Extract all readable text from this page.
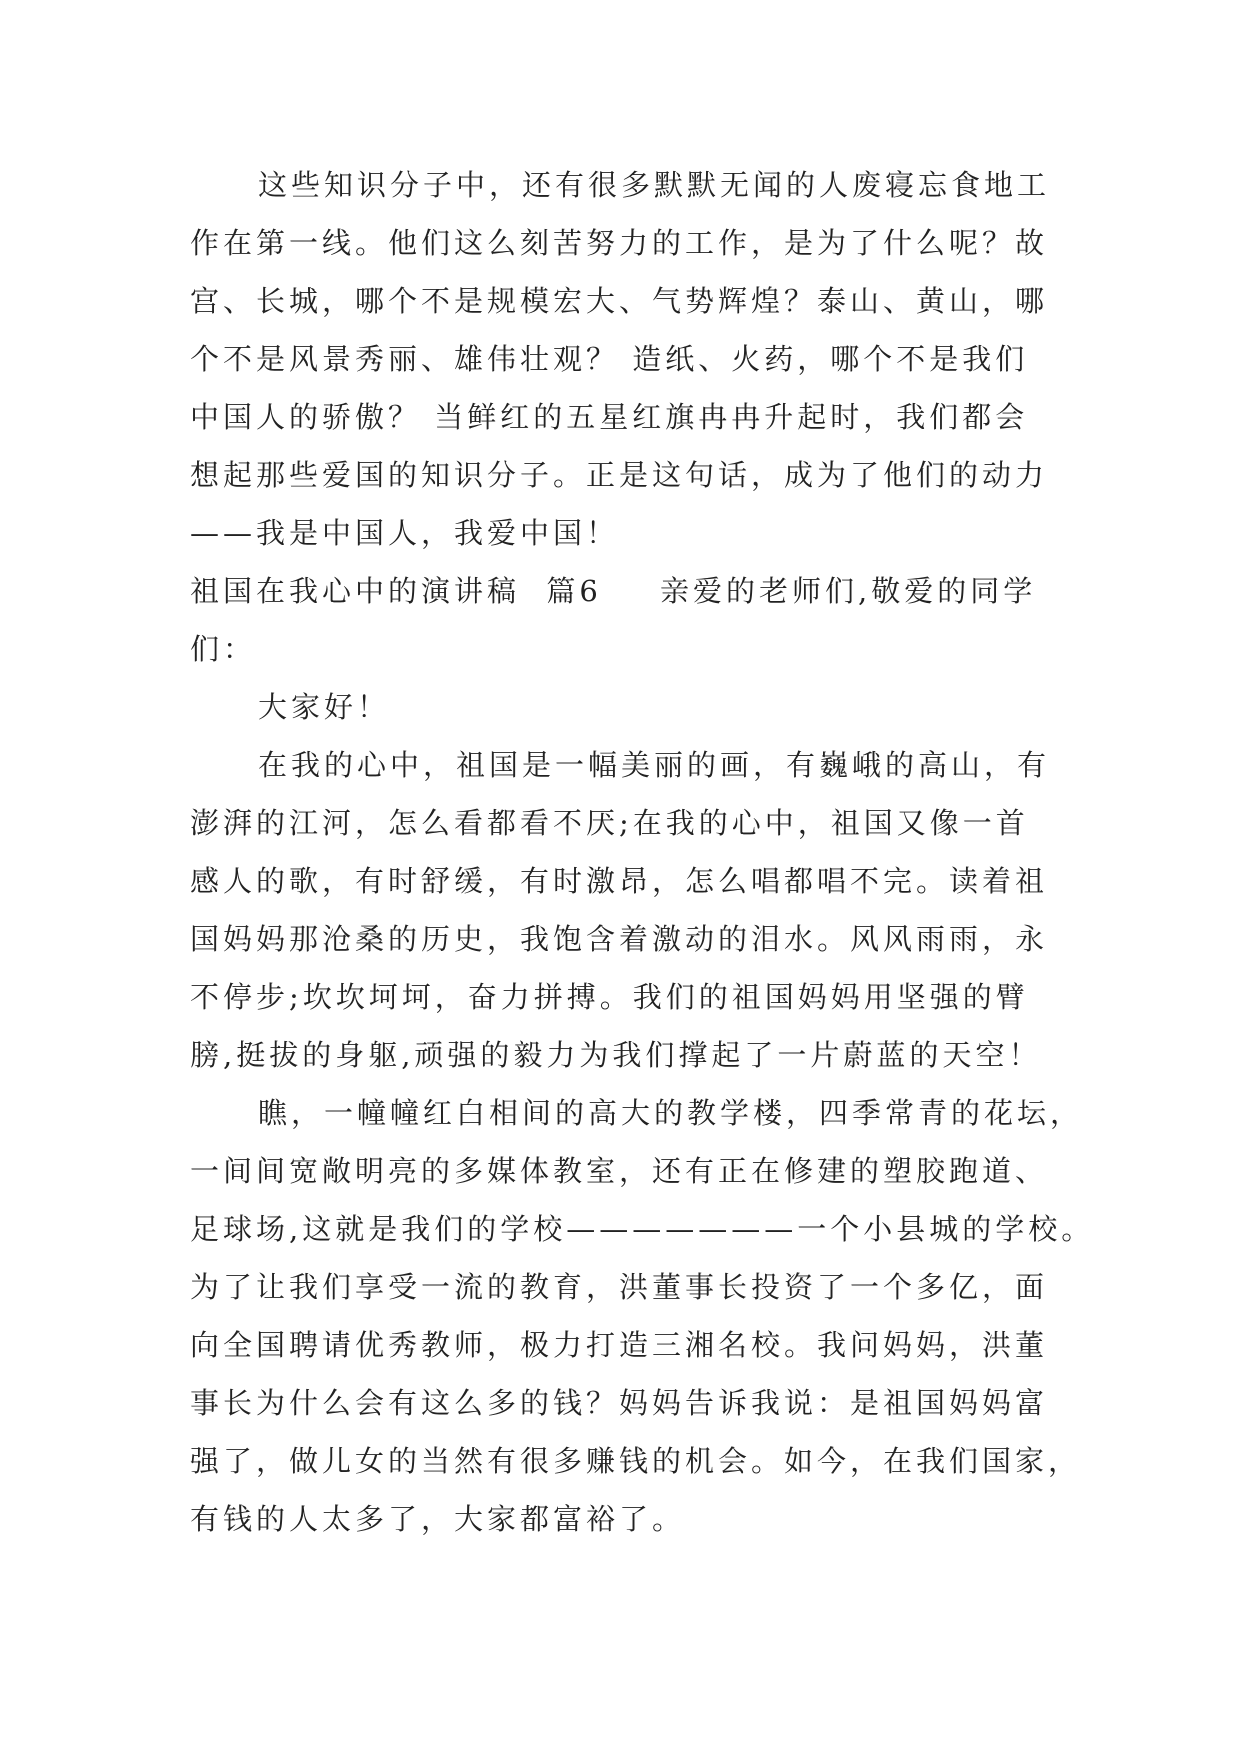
这些知识分子中，还有很多默默无闻的人废寝忘食地工
作在第一线。他们这么刻苦努力的工作，是为了什么呢？故
宫、长城，哪个不是规模宏大、气势辉煌？泰山、黄山，哪
个不是风景秀丽、雄伟壮观？ 造纸、火药，哪个不是我们
中国人的骄傲？ 当鲜红的五星红旗冉冉升起时，我们都会
想起那些爱国的知识分子。正是这句话，成为了他们的动力
——我是中国人，我爱中国！
祖国在我心中的演讲稿  篇6 亲爱的老师们,敬爱的同学
们：
大家好！
在我的心中，祖国是一幅美丽的画，有巍峨的高山，有
澎湃的江河，怎么看都看不厌;在我的心中，祖国又像一首
感人的歌，有时舒缓，有时激昂，怎么唱都唱不完。读着祖
国妈妈那沧桑的历史，我饱含着激动的泪水。风风雨雨，永
不停步;坎坎坷坷，奋力拼搏。我们的祖国妈妈用坚强的臂
膀,挺拔的身躯,顽强的毅力为我们撑起了一片蔚蓝的天空！
瞧，一幢幢红白相间的高大的教学楼，四季常青的花坛，
一间间宽敞明亮的多媒体教室，还有正在修建的塑胶跑道、
足球场,这就是我们的学校———————一个小县城的学校。
为了让我们享受一流的教育，洪董事长投资了一个多亿，面
向全国聘请优秀教师，极力打造三湘名校。我问妈妈，洪董
事长为什么会有这么多的钱？妈妈告诉我说：是祖国妈妈富
强了，做儿女的当然有很多赚钱的机会。如今，在我们国家，
有钱的人太多了，大家都富裕了。
